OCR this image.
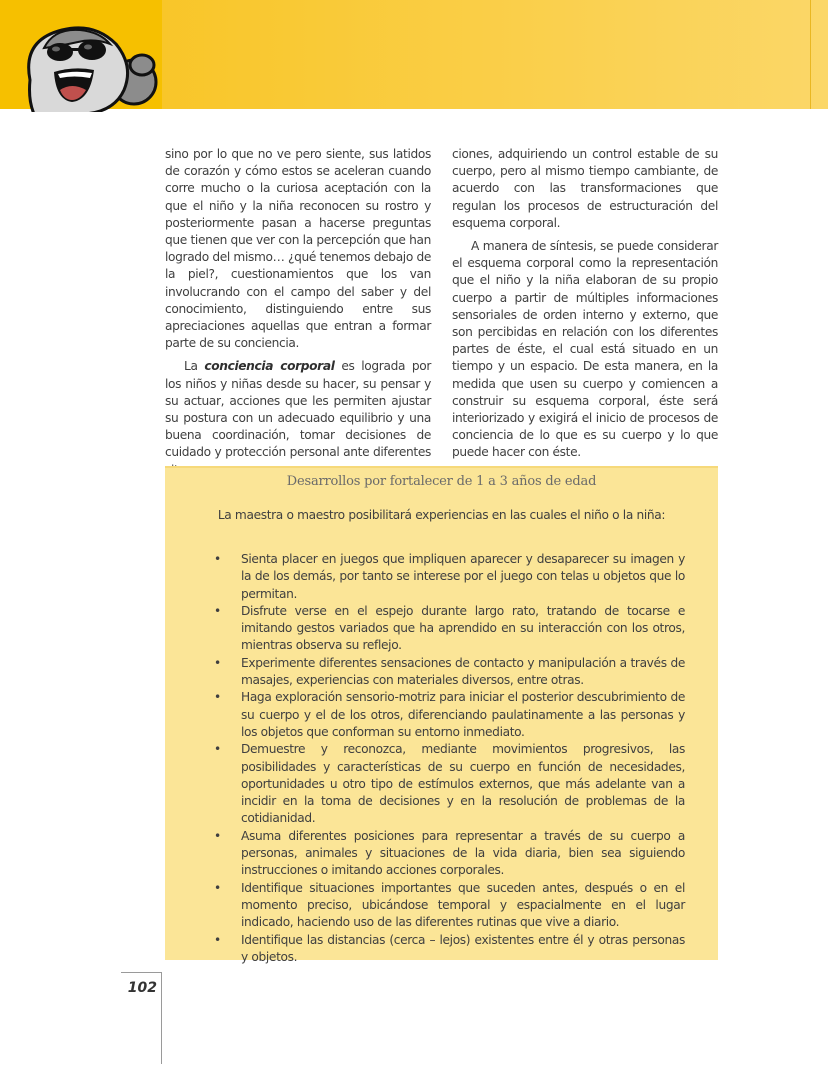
sino por lo que no ve pero siente, sus latidos de corazón y cómo estos se aceleran cuando corre mucho o la curiosa aceptación con la que el niño y la niña reconocen su rostro y posteriormente pasan a hacerse preguntas que tienen que ver con la percepción que han logrado del mismo… ¿qué tenemos debajo de la piel?, cuestionamientos que los van involucrando con el campo del saber y del conocimiento, distinguiendo entre sus apreciaciones aquellas que entran a formar parte de su conciencia.

La conciencia corporal es lograda por los niños y niñas desde su hacer, su pensar y su actuar, acciones que les permiten ajustar su postura con un adecuado equilibrio y una buena coordinación, tomar decisiones de cuidado y protección personal ante diferentes

ciones, adquiriendo un control estable de su cuerpo, pero al mismo tiempo cambiante, de acuerdo con las transformaciones que regulan los procesos de estructuración del esquema corporal.

A manera de síntesis, se puede considerar el esquema corporal como la representación que el niño y la niña elaboran de su propio cuerpo a partir de múltiples informaciones sensoriales de orden interno y externo, que son percibidas en relación con los diferentes partes de éste, el cual está situado en un tiempo y un espacio. De esta manera, en la medida que usen su cuerpo y comiencen a construir su esquema corporal, éste será interiorizado y exigirá el inicio de procesos de conciencia de lo que es su cuerpo y lo que puede hacer con éste.

Desarrollos por fortalecer de 1 a 3 años de edad
La maestra o maestro posibilitará experiencias en las cuales el niño o la niña:
• Sienta placer en juegos que impliquen aparecer y desaparecer su imagen y la de los demás, por tanto se interese por el juego con telas u objetos que lo permitan.
• Disfrute verse en el espejo durante largo rato, tratando de tocarse e imitando gestos variados que ha aprendido en su interacción con los otros, mientras observa su reflejo.
• Experimente diferentes sensaciones de contacto y manipulación a través de masajes, experiencias con materiales diversos, entre otras.
• Haga exploración sensorio-motriz para iniciar el posterior descubrimiento de su cuerpo y el de los otros, diferenciando paulatinamente a las personas y los objetos que conforman su entorno inmediato.
• Demuestre y reconozca, mediante movimientos progresivos, las posibilidades y características de su cuerpo en función de necesidades, oportunidades u otro tipo de estímulos externos, que más adelante van a incidir en la toma de decisiones y en la resolución de problemas de la cotidianidad.
• Asuma diferentes posiciones para representar a través de su cuerpo a personas, animales y situaciones de la vida diaria, bien sea siguiendo instrucciones o imitando acciones corporales.
• Identifique situaciones importantes que suceden antes, después o en el momento preciso, ubicándose temporal y espacialmente en el lugar indicado, haciendo uso de las diferentes rutinas que vive a diario.
• Identifique las distancias (cerca – lejos) existentes entre él y otras personas y objetos.
102
